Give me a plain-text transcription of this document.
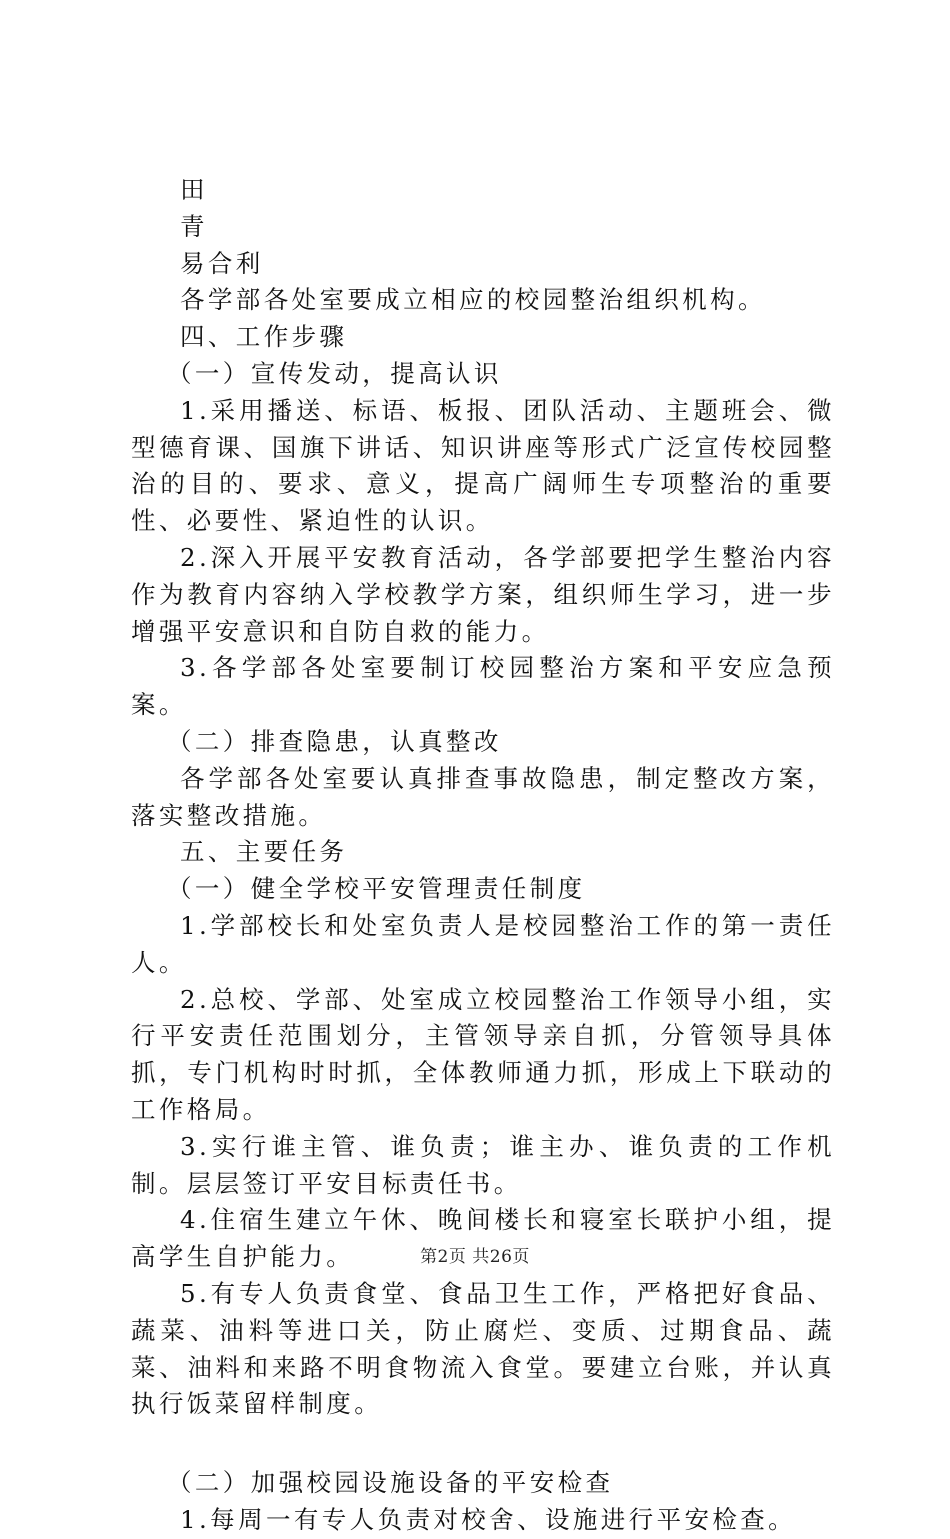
田

青

易合利

各学部各处室要成立相应的校园整治组织机构。

四、工作步骤

（一）宣传发动，提高认识

1.采用播送、标语、板报、团队活动、主题班会、微型德育课、国旗下讲话、知识讲座等形式广泛宣传校园整治的目的、要求、意义，提高广阔师生专项整治的重要性、必要性、紧迫性的认识。

2.深入开展平安教育活动，各学部要把学生整治内容作为教育内容纳入学校教学方案，组织师生学习，进一步增强平安意识和自防自救的能力。

3.各学部各处室要制订校园整治方案和平安应急预案。

（二）排查隐患，认真整改

各学部各处室要认真排查事故隐患，制定整改方案，落实整改措施。

五、主要任务

（一）健全学校平安管理责任制度

1.学部校长和处室负责人是校园整治工作的第一责任人。

2.总校、学部、处室成立校园整治工作领导小组，实行平安责任范围划分，主管领导亲自抓，分管领导具体抓，专门机构时时抓，全体教师通力抓，形成上下联动的工作格局。

3.实行谁主管、谁负责；谁主办、谁负责的工作机制。层层签订平安目标责任书。

4.住宿生建立午休、晚间楼长和寝室长联护小组，提高学生自护能力。

5.有专人负责食堂、食品卫生工作，严格把好食品、蔬菜、油料等进口关，防止腐烂、变质、过期食品、蔬菜、油料和来路不明食物流入食堂。要建立台账，并认真执行饭菜留样制度。

（二）加强校园设施设备的平安检查

1.每周一有专人负责对校舍、设施进行平安检查。

第2页 共26页
